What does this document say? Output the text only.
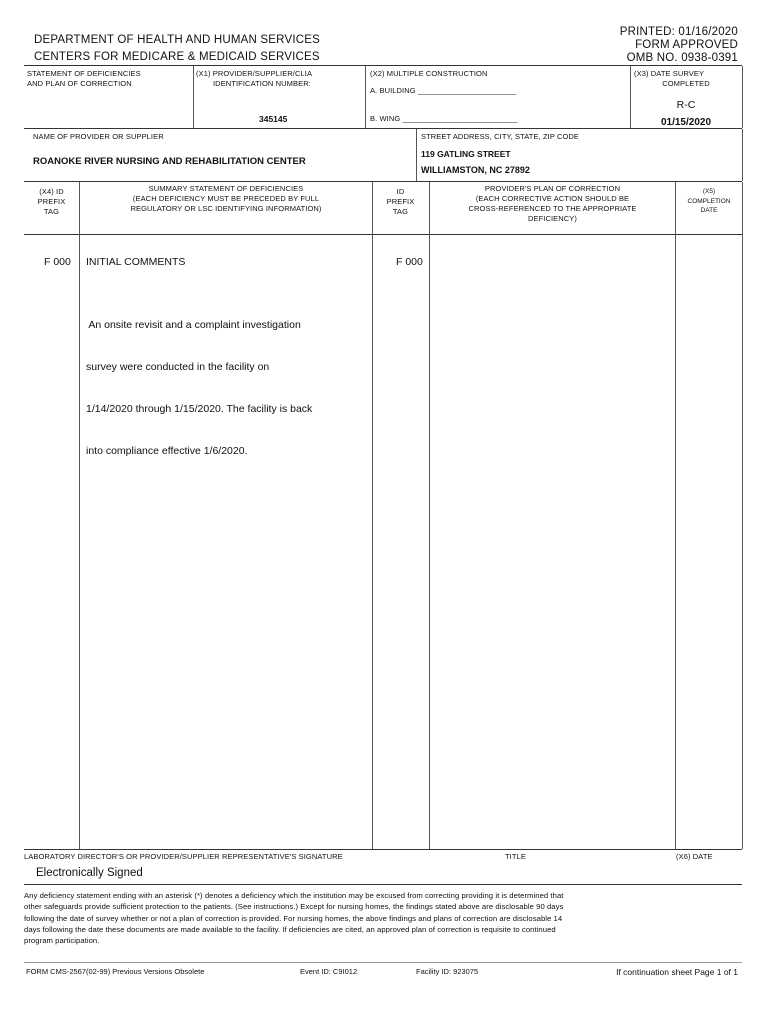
DEPARTMENT OF HEALTH AND HUMAN SERVICES
CENTERS FOR MEDICARE & MEDICAID SERVICES
PRINTED: 01/16/2020
FORM APPROVED
OMB NO. 0938-0391
STATEMENT OF DEFICIENCIES
AND PLAN OF CORRECTION
(X1) PROVIDER/SUPPLIER/CLIA
IDENTIFICATION NUMBER:
345145
(X2) MULTIPLE CONSTRUCTION
A. BUILDING _______________________
B. WING ___________________________
(X3) DATE SURVEY
COMPLETED
R-C
01/15/2020
NAME OF PROVIDER OR SUPPLIER
ROANOKE RIVER NURSING AND REHABILITATION CENTER
STREET ADDRESS, CITY, STATE, ZIP CODE
119 GATLING STREET
WILLIAMSTON, NC 27892
(X4) ID
PREFIX
TAG
SUMMARY STATEMENT OF DEFICIENCIES
(EACH DEFICIENCY MUST BE PRECEDED BY FULL
REGULATORY OR LSC IDENTIFYING INFORMATION)
ID
PREFIX
TAG
PROVIDER'S PLAN OF CORRECTION
(EACH CORRECTIVE ACTION SHOULD BE
CROSS-REFERENCED TO THE APPROPRIATE
DEFICIENCY)
(X5)
COMPLETION
DATE
F 000 INITIAL COMMENTS	F 000

An onsite revisit and a complaint investigation

survey were conducted in the facility on

1/14/2020 through 1/15/2020. The facility is back

into compliance effective 1/6/2020.

LABORATORY DIRECTOR'S OR PROVIDER/SUPPLIER REPRESENTATIVE'S SIGNATURE	TITLE	(X6) DATE
Electronically Signed
Any deficiency statement ending with an asterisk (*) denotes a deficiency which the institution may be excused from correcting providing it is determined that
other safeguards provide sufficient protection to the patients. (See instructions.) Except for nursing homes, the findings stated above are disclosable 90 days
following the date of survey whether or not a plan of correction is provided. For nursing homes, the above findings and plans of correction are disclosable 14
days following the date these documents are made available to the facility. If deficiencies are cited, an approved plan of correction is requisite to continued
program participation.
FORM CMS-2567(02-99) Previous Versions Obsolete	Event ID: C9I012	Facility ID: 923075	If continuation sheet Page 1 of 1
